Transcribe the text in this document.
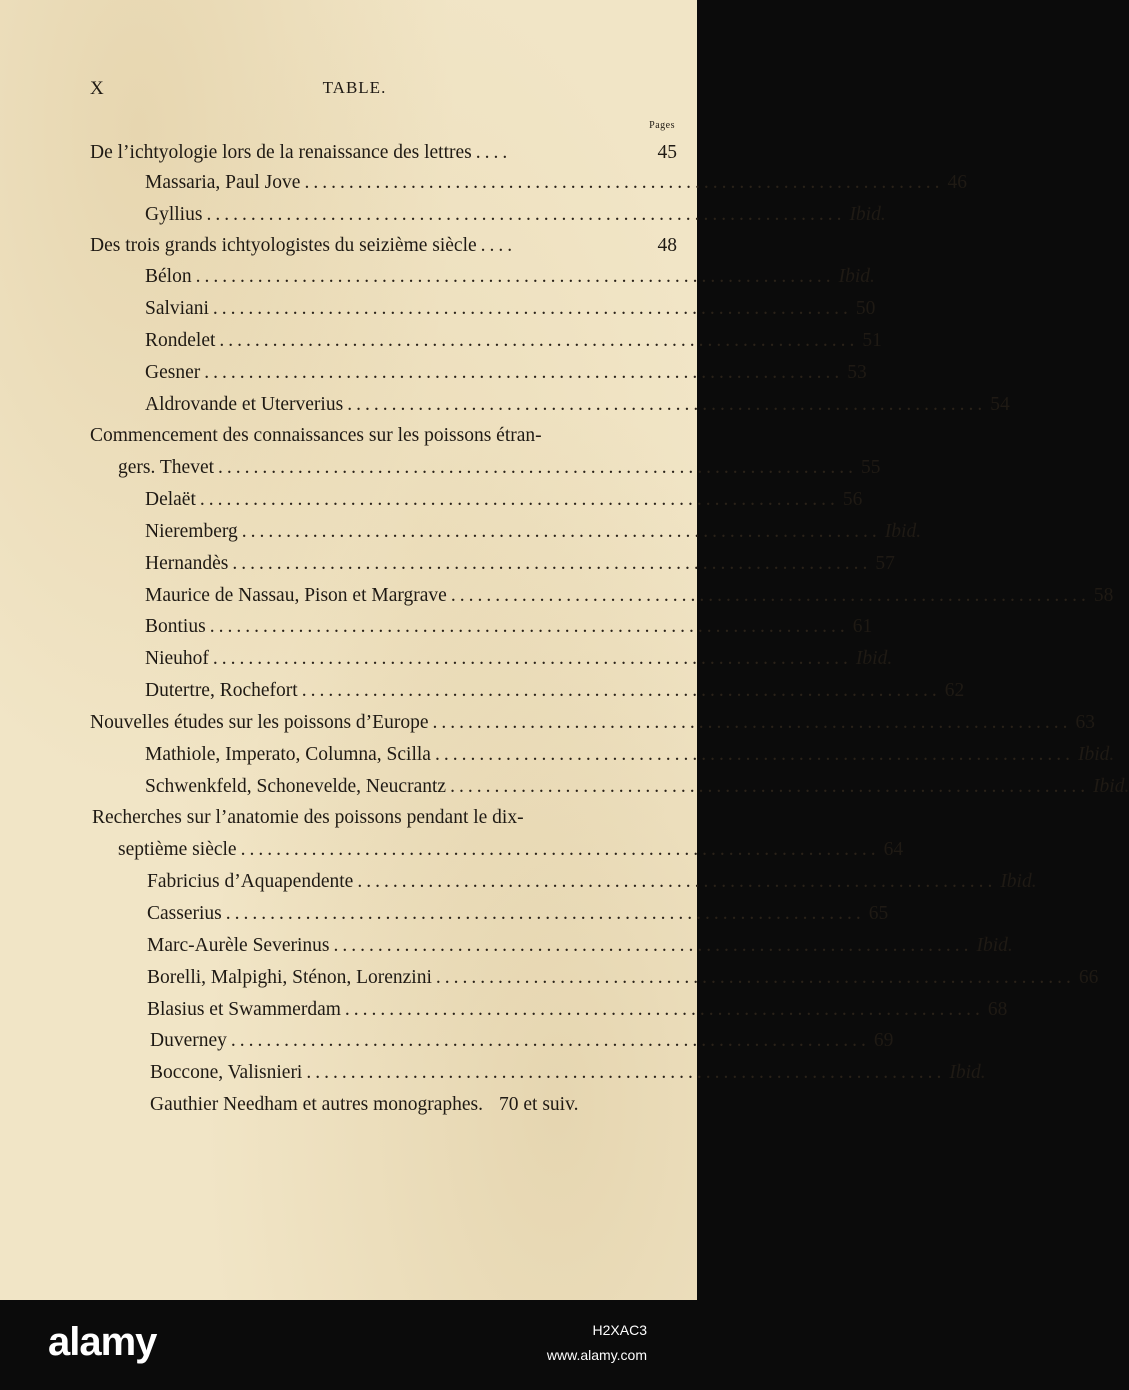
X	TABLE.
Pages
De l’ichtyologie lors de la renaissance des lettres ....	45
Massaria, Paul Jove ........................................................................ 46
Gyllius ........................................................................ Ibid.
Des trois grands ichtyologistes du seizième siècle ....	48
Bélon ........................................................................ Ibid.
Salviani ........................................................................ 50
Rondelet ........................................................................ 51
Gesner ........................................................................ 53
Aldrovande et Uterverius ........................................................................ 54
Commencement des connaissances sur les poissons étran-
gers. Thevet ........................................................................ 55
Delaët ........................................................................ 56
Nieremberg ........................................................................ Ibid.
Hernandès ........................................................................ 57
Maurice de Nassau, Pison et Margrave ........................................................................ 58
Bontius ........................................................................ 61
Nieuhof ........................................................................ Ibid.
Dutertre, Rochefort ........................................................................ 62
Nouvelles études sur les poissons d’Europe ........................................................................ 63
Mathiole, Imperato, Columna, Scilla ........................................................................ Ibid.
Schwenkfeld, Schonevelde, Neucrantz ........................................................................ Ibid.
Recherches sur l’anatomie des poissons pendant le dix-
septième siècle ........................................................................ 64
Fabricius d’Aquapendente ........................................................................ Ibid.
Casserius ........................................................................ 65
Marc-Aurèle Severinus ........................................................................ Ibid.
Borelli, Malpighi, Sténon, Lorenzini ........................................................................ 66
Blasius et Swammerdam ........................................................................ 68
Duverney ........................................................................ 69
Boccone, Valisnieri ........................................................................ Ibid.
Gauthier Needham et autres monographes. 70 et suiv.
alamy	H2XAC3
www.alamy.com
